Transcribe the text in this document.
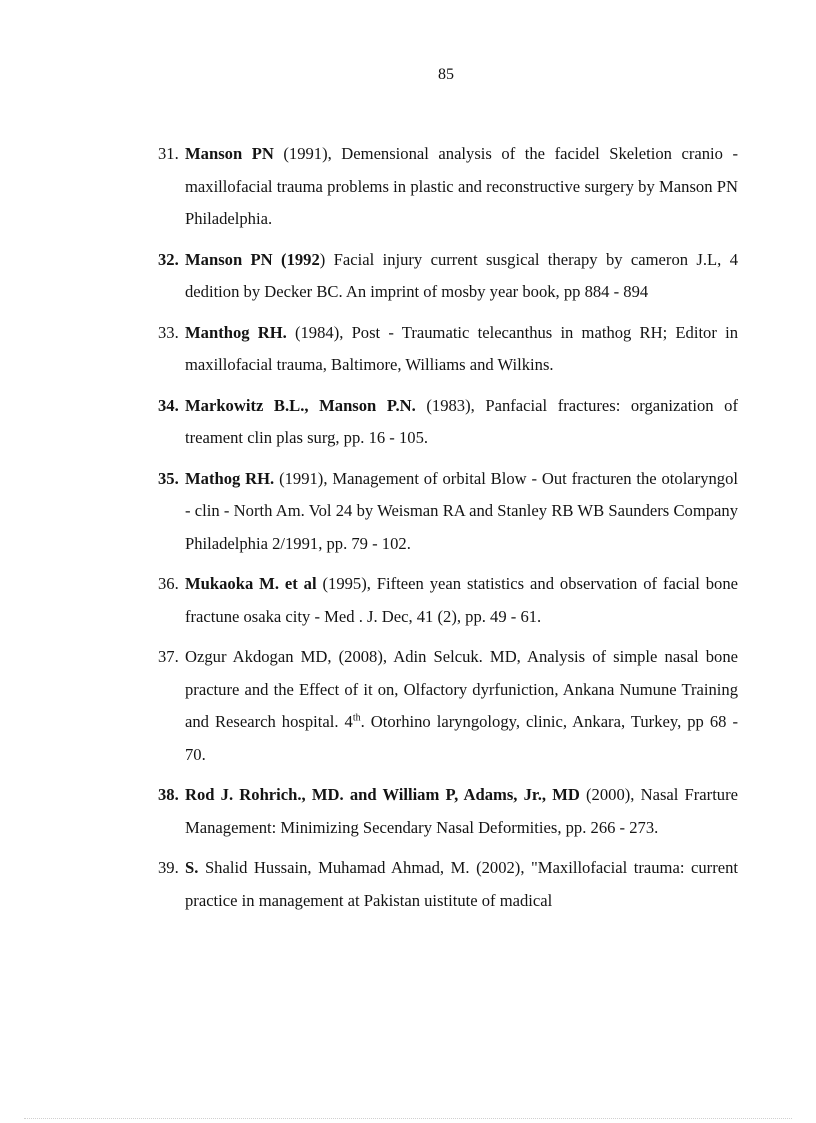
85
31. Manson PN (1991), Demensional analysis of the facidel Skeletion cranio - maxillofacial trauma problems in plastic and reconstructive surgery by Manson PN Philadelphia.
32. Manson PN (1992) Facial injury current susgical therapy by cameron J.L, 4 dedition by Decker BC. An imprint of mosby year book, pp 884 - 894
33. Manthog RH. (1984), Post - Traumatic telecanthus in mathog RH; Editor in maxillofacial trauma, Baltimore, Williams and Wilkins.
34. Markowitz B.L., Manson P.N. (1983), Panfacial fractures: organization of treament clin plas surg, pp. 16 - 105.
35. Mathog RH. (1991), Management of orbital Blow - Out fracturen the otolaryngol - clin - North Am. Vol 24 by Weisman RA and Stanley RB WB Saunders Company Philadelphia 2/1991, pp. 79 - 102.
36. Mukaoka M. et al (1995), Fifteen yean statistics and observation of facial bone fractune osaka city - Med . J. Dec, 41 (2), pp. 49 - 61.
37. Ozgur Akdogan MD, (2008), Adin Selcuk. MD, Analysis of simple nasal bone practure and the Effect of it on, Olfactory dyrfuniction, Ankana Numune Training and Research hospital. 4th. Otorhino laryngology, clinic, Ankara, Turkey, pp 68 - 70.
38. Rod J. Rohrich., MD. and William P, Adams, Jr., MD (2000), Nasal Frarture Management: Minimizing Secendary Nasal Deformities, pp. 266 - 273.
39. S. Shalid Hussain, Muhamad Ahmad, M. (2002), "Maxillofacial trauma: current practice in management at Pakistan uistitute of madical
